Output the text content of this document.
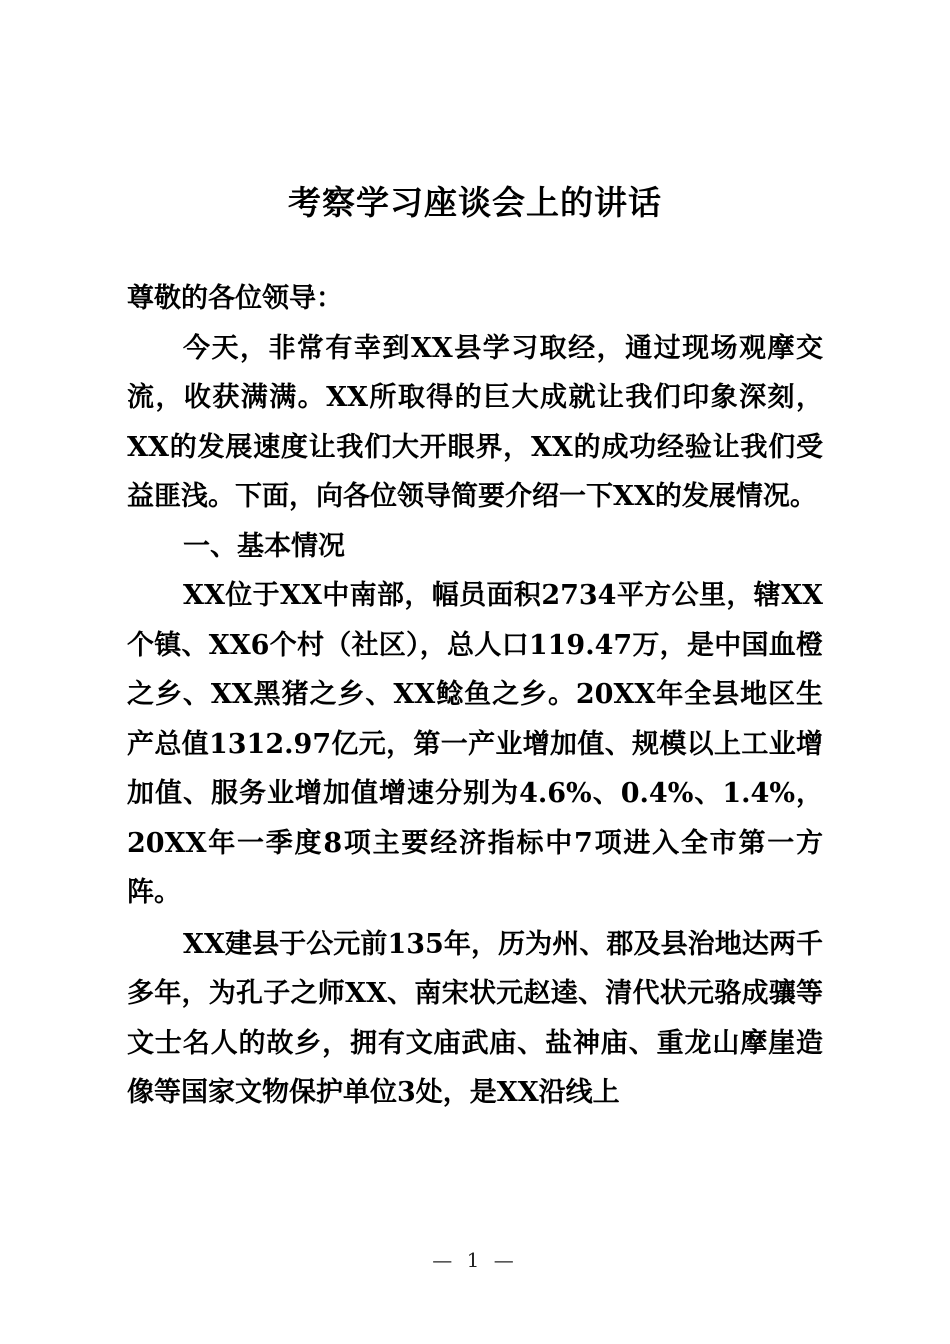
考察学习座谈会上的讲话

尊敬的各位领导：

今天，非常有幸到XX县学习取经，通过现场观摩交流，收获满满。XX所取得的巨大成就让我们印象深刻，XX的发展速度让我们大开眼界，XX的成功经验让我们受益匪浅。下面，向各位领导简要介绍一下XX的发展情况。

一、基本情况

XX位于XX中南部，幅员面积2734平方公里，辖XX个镇、XX6个村（社区），总人口119.47万，是中国血橙之乡、XX黑猪之乡、XX鲶鱼之乡。20XX年全县地区生产总值1312.97亿元，第一产业增加值、规模以上工业增加值、服务业增加值增速分别为4.6%、0.4%、1.4%，20XX年一季度8项主要经济指标中7项进入全市第一方阵。

XX建县于公元前135年，历为州、郡及县治地达两千多年，为孔子之师XX、南宋状元赵逵、清代状元骆成骧等文士名人的故乡，拥有文庙武庙、盐神庙、重龙山摩崖造像等国家文物保护单位3处，是XX沿线上

— 1 —
